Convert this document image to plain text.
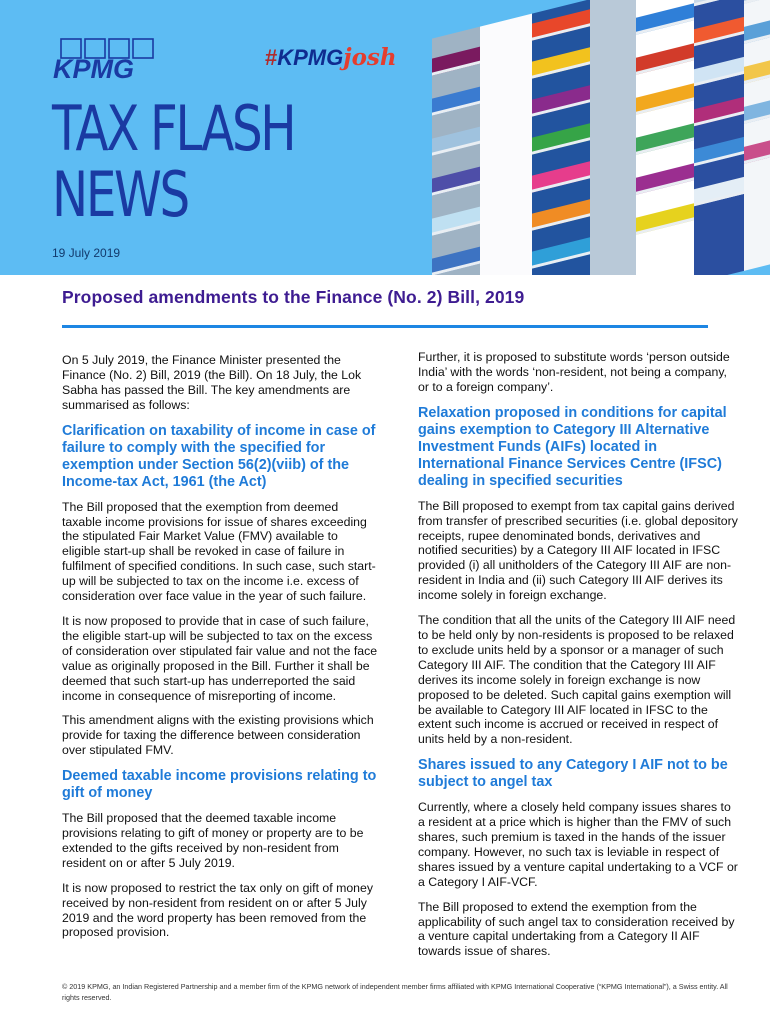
KPMG	#KPMGjosh
TAX FLASH
NEWS
19 July 2019
Proposed amendments to the Finance (No. 2) Bill, 2019

On 5 July 2019, the Finance Minister presented the Finance (No. 2) Bill, 2019 (the Bill). On 18 July, the Lok Sabha has passed the Bill. The key amendments are summarised as follows:

Clarification on taxability of income in case of failure to comply with the specified for exemption under Section 56(2)(viib) of the Income-tax Act, 1961 (the Act)

The Bill proposed that the exemption from deemed taxable income provisions for issue of shares exceeding the stipulated Fair Market Value (FMV) available to eligible start-up shall be revoked in case of failure in fulfilment of specified conditions. In such case, such start-up will be subjected to tax on the income i.e. excess of consideration over face value in the year of such failure.

It is now proposed to provide that in case of such failure, the eligible start-up will be subjected to tax on the excess of consideration over stipulated fair value and not the face value as originally proposed in the Bill. Further it shall be deemed that such start-up has underreported the said income in consequence of misreporting of income.

This amendment aligns with the existing provisions which provide for taxing the difference between consideration over stipulated FMV.

Deemed taxable income provisions relating to gift of money

The Bill proposed that the deemed taxable income provisions relating to gift of money or property are to be extended to the gifts received by non-resident from resident on or after 5 July 2019.

It is now proposed to restrict the tax only on gift of money received by non-resident from resident on or after 5 July 2019 and the word property has been removed from the proposed provision.

Further, it is proposed to substitute words ‘person outside India’ with the words ‘non-resident, not being a company, or to a foreign company’.

Relaxation proposed in conditions for capital gains exemption to Category III Alternative Investment Funds (AIFs) located in International Finance Services Centre (IFSC) dealing in specified securities

The Bill proposed to exempt from tax capital gains derived from transfer of prescribed securities (i.e. global depository receipts, rupee denominated bonds, derivatives and notified securities) by a Category III AIF located in IFSC provided (i) all unitholders of the Category III AIF are non-resident in India and (ii) such Category III AIF derives its income solely in foreign exchange.

The condition that all the units of the Category III AIF need to be held only by non-residents is proposed to be relaxed to exclude units held by a sponsor or a manager of such Category III AIF. The condition that the Category III AIF derives its income solely in foreign exchange is now proposed to be deleted. Such capital gains exemption will be available to Category III AIF located in IFSC to the extent such income is accrued or received in respect of units held by a non-resident.

Shares issued to any Category I AIF not to be subject to angel tax

Currently, where a closely held company issues shares to a resident at a price which is higher than the FMV of such shares, such premium is taxed in the hands of the issuer company. However, no such tax is leviable in respect of shares issued by a venture capital undertaking to a VCF or a Category I AIF-VCF.

The Bill proposed to extend the exemption from the applicability of such angel tax to consideration received by a venture capital undertaking from a Category II AIF towards issue of shares.

© 2019 KPMG, an Indian Registered Partnership and a member firm of the KPMG network of independent member firms affiliated with KPMG International Cooperative (“KPMG International”), a Swiss entity. All rights reserved.
